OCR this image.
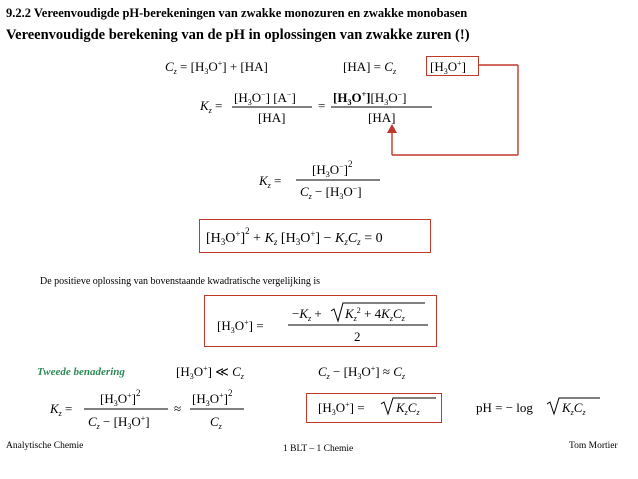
9.2.2 Vereenvoudigde pH-berekeningen van zwakke monozuren en zwakke monobasen
Vereenvoudigde berekening van de pH in oplossingen van zwakke zuren (!)
$C_z = [H_3O^+] + [HA]$	$[HA] = C_z$	$[H_3O^+]$
$K_z$ =
$[H_3O^-]$ [A−]
[HA]
=
$[H_3O^+][H_3O^-]$
[HA]
$K_z$ =
$[H_3O^-]^2$
$C_z - [H_3O^-]$
$[H_3O^+]^2 + K_z$ $[H_3O^+] - K_zC_z = 0$
$[H_3O^+]$ =
$-K_z + K_z^2 + 4K_zC_z$
2
$[H_3O^+]$ ≪ $C_z$	$C_z - [H_3O^+] \approx C_z$
$K_z$ =
$[H_3O^+]^2$
$C_z - [H_3O^+]$
≈
$[H_3O^+]^2$
$C_z$
$[H_3O^+] = K_zC_z$	pH = − $\log K_zC_z$
De positieve oplossing van bovenstaande kwadratische vergelijking is
Tweede benadering
Analytische Chemie	1 BLT – 1 Chemie	Tom Mortier
